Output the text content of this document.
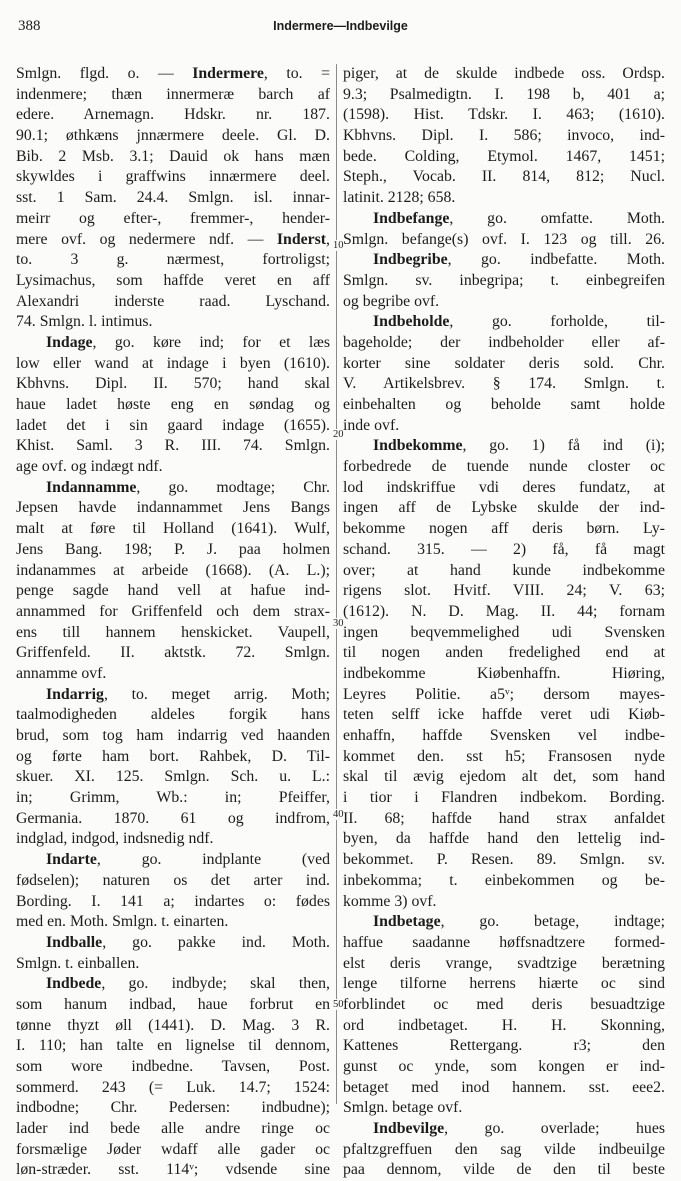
388	Indermere—Indbevilge
10
20
30
40
50
Smlgn. flgd. o. — Indermere, to. =
indenmere; thæn innermeræ barch af
edere. Arnemagn. Hdskr. nr. 187.
90.1; øthkæns jnnærmere deele. Gl. D.
Bib. 2 Msb. 3.1; Dauid ok hans mæn
skywldes i graffwins innærmere deel.
sst. 1 Sam. 24.4. Smlgn. isl. innar-
meirr og efter-, fremmer-, hender-
mere ovf. og nedermere ndf. — Inderst,
to. 3 g. nærmest, fortroligst;
Lysimachus, som haffde veret en aff
Alexandri inderste raad. Lyschand.
74. Smlgn. l. intimus.
Indage, go. køre ind; for et læs
low eller wand at indage i byen (1610).
Kbhvns. Dipl. II. 570; hand skal
haue ladet høste eng en søndag og
ladet det i sin gaard indage (1655).
Khist. Saml. 3 R. III. 74. Smlgn.
age ovf. og indægt ndf.
Indannamme, go. modtage; Chr.
Jepsen havde indannammet Jens Bangs
malt at føre til Holland (1641). Wulf,
Jens Bang. 198; P. J. paa holmen
indanammes at arbeide (1668). (A. L.);
penge sagde hand vell at hafue ind-
annammed for Griffenfeld och dem strax-
ens till hannem henskicket. Vaupell,
Griffenfeld. II. aktstk. 72. Smlgn.
annamme ovf.
Indarrig, to. meget arrig. Moth;
taalmodigheden aldeles forgik hans
brud, som tog ham indarrig ved haanden
og førte ham bort. Rahbek, D. Til-
skuer. XI. 125. Smlgn. Sch. u. L.:
in; Grimm, Wb.: in; Pfeiffer,
Germania. 1870. 61 og indfrom,
indglad, indgod, indsnedig ndf.
Indarte, go. indplante (ved
fødselen); naturen os det arter ind.
Bording. I. 141 a; indartes o: fødes
med en. Moth. Smlgn. t. einarten.
Indballe, go. pakke ind. Moth.
Smlgn. t. einballen.
Indbede, go. indbyde; skal then,
som hanum indbad, haue forbrut en
tønne thyzt øll (1441). D. Mag. 3 R.
I. 110; han talte en lignelse til dennom,
som wore indbedne. Tavsen, Post.
sommerd. 243 (= Luk. 14.7; 1524:
indbodne; Chr. Pedersen: indbudne);
lader ind bede alle andre ringe oc
forsmælige Jøder wdaff alle gader oc
løn-stræder. sst. 114ᵛ; vdsende sine
piger, at de skulde indbede oss. Ordsp.
9.3; Psalmedigtn. I. 198 b, 401 a;
(1598). Hist. Tdskr. I. 463; (1610).
Kbhvns. Dipl. I. 586; invoco, ind-
bede. Colding, Etymol. 1467, 1451;
Steph., Vocab. II. 814, 812; Nucl.
latinit. 2128; 658.
Indbefange, go. omfatte. Moth.
Smlgn. befange(s) ovf. I. 123 og till. 26.
Indbegribe, go. indbefatte. Moth.
Smlgn. sv. inbegripa; t. einbegreifen
og begribe ovf.
Indbeholde, go. forholde, til-
bageholde; der indbeholder eller af-
korter sine soldater deris sold. Chr.
V. Artikelsbrev. § 174. Smlgn. t.
einbehalten og beholde samt holde
inde ovf.
Indbekomme, go. 1) få ind (i);
forbedrede de tuende nunde closter oc
lod indskriffue vdi deres fundatz, at
ingen aff de Lybske skulde der ind-
bekomme nogen aff deris børn. Ly-
schand. 315. — 2) få, få magt
over; at hand kunde indbekomme
rigens slot. Hvitf. VIII. 24; V. 63;
(1612). N. D. Mag. II. 44; fornam
ingen beqvemmelighed udi Svensken
til nogen anden fredelighed end at
indbekomme Kiøbenhaffn. Hiøring,
Leyres Politie. a5ᵛ; dersom mayes-
teten selff icke haffde veret udi Kiøb-
enhaffn, haffde Svensken vel indbe-
kommet den. sst h5; Fransosen nyde
skal til ævig ejedom alt det, som hand
i tior i Flandren indbekom. Bording.
II. 68; haffde hand strax anfaldet
byen, da haffde hand den lettelig ind-
bekommet. P. Resen. 89. Smlgn. sv.
inbekomma; t. einbekommen og be-
komme 3) ovf.
Indbetage, go. betage, indtage;
haffue saadanne høffsnadtzere formed-
elst deris vrange, svadtzige berætning
lenge tilforne herrens hiærte oc sind
forblindet oc med deris besuadtzige
ord indbetaget. H. H. Skonning,
Kattenes Rettergang. r3; den
gunst oc ynde, som kongen er ind-
betaget med inod hannem. sst. eee2.
Smlgn. betage ovf.
Indbevilge, go. overlade; hues
pfaltzgreffuen den sag vilde indbeuilge
paa dennom, vilde de den til beste
